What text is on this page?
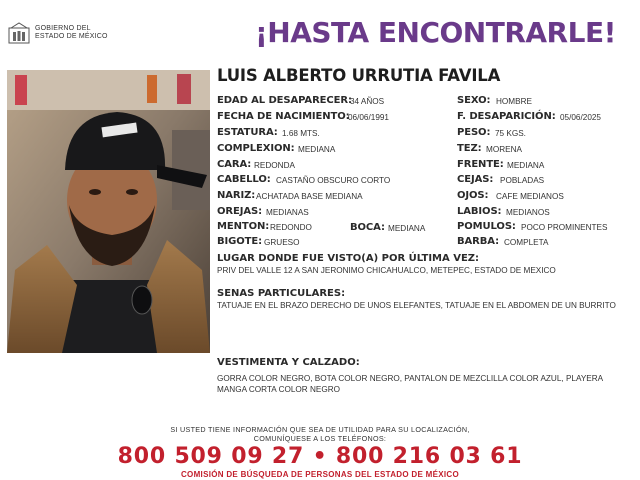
GOBIERNO DEL
ESTADO DE MÉXICO	¡HASTA ENCONTRARLE!
LUIS ALBERTO URRUTIA FAVILA
EDAD AL DESAPARECER:
34 AÑOS
FECHA DE NACIMIENTO:
06/06/1991
ESTATURA: 1.68 MTS.
COMPLEXION: MEDIANA
CARA: REDONDA
CABELLO: CASTAÑO OBSCURO CORTO
NARIZ: ACHATADA BASE MEDIANA
OREJAS: MEDIANAS
MENTON: REDONDO
BIGOTE: GRUESO
BOCA: MEDIANA
SEXO: HOMBRE
F. DESAPARICIÓN: 05/06/2025
PESO: 75 KGS.
TEZ: MORENA
FRENTE: MEDIANA
CEJAS: POBLADAS
OJOS: CAFE MEDIANOS
LABIOS: MEDIANOS
POMULOS: POCO PROMINENTES
BARBA: COMPLETA
LUGAR DONDE FUE VISTO(A) POR ÚLTIMA VEZ:
PRIV DEL VALLE 12 A SAN JERONIMO CHICAHUALCO, METEPEC, ESTADO DE MEXICO
SENAS PARTICULARES:
TATUAJE EN EL BRAZO DERECHO DE UNOS ELEFANTES, TATUAJE EN EL ABDOMEN DE UN BURRITO
VESTIMENTA Y CALZADO:
GORRA COLOR NEGRO, BOTA COLOR NEGRO, PANTALON DE MEZCLILLA COLOR AZUL, PLAYERA MANGA CORTA COLOR NEGRO
SI USTED TIENE INFORMACIÓN QUE SEA DE UTILIDAD PARA SU LOCALIZACIÓN,
COMUNÍQUESE A LOS TELÉFONOS:
800 509 09 27 • 800 216 03 61
COMISIÓN DE BÚSQUEDA DE PERSONAS DEL ESTADO DE MÉXICO
